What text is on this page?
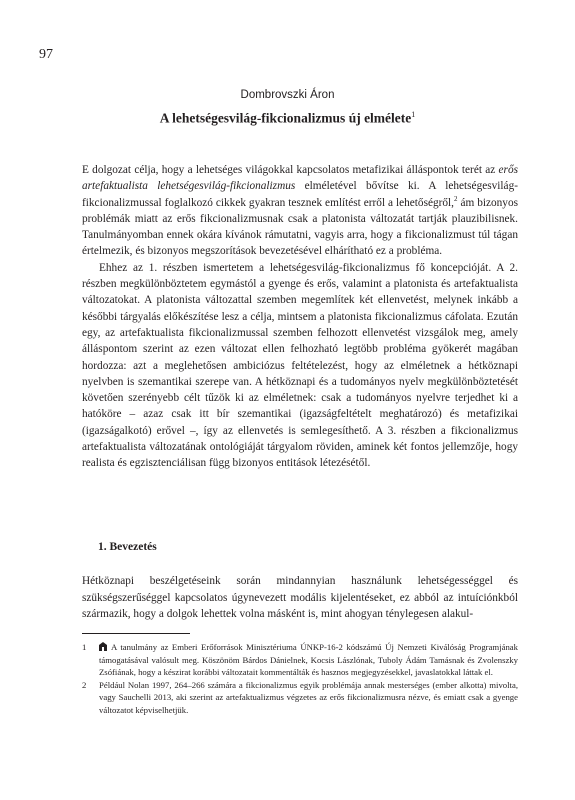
97
Dombrovszki Áron
A lehetségesvilág-fikcionalizmus új elmélete$^1$

E dolgozat célja, hogy a lehetséges világokkal kapcsolatos metafizikai álláspontok terét az erős artefaktualista lehetségesvilág-fikcionalizmus elméletével bővítse ki. A lehetségesvilág-fikcionalizmussal foglalkozó cikkek gyakran tesznek említést erről a lehetőségről,$^2$ ám bizonyos problémák miatt az erős fikcionalizmusnak csak a platonista változatát tartják plauzibilisnek. Tanulmányomban ennek okára kívánok rámutatni, vagyis arra, hogy a fikcionalizmust túl tágan értelmezik, és bizonyos megszorítások bevezetésével elhárítható ez a probléma.

Ehhez az 1. részben ismertetem a lehetségesvilág-fikcionalizmus fő koncepcióját. A 2. részben megkülönböztetem egymástól a gyenge és erős, valamint a platonista és artefaktualista változatokat. A platonista változattal szemben megemlítek két ellenvetést, melynek inkább a későbbi tárgyalás előkészítése lesz a célja, mintsem a platonista fikcionalizmus cáfolata. Ezután egy, az artefaktualista fikcionalizmussal szemben felhozott ellenvetést vizsgálok meg, amely álláspontom szerint az ezen változat ellen felhozható legtöbb probléma gyökerét magában hordozza: azt a meglehetősen ambiciózus feltételezést, hogy az elméletnek a hétköznapi nyelvben is szemantikai szerepe van. A hétköznapi és a tudományos nyelv megkülönböztetését követően szerényebb célt tűzök ki az elméletnek: csak a tudományos nyelvre terjedhet ki a hatóköre – azaz csak itt bír szemantikai (igazságfeltételt meghatározó) és metafizikai (igazságalkotó) erővel –, így az ellenvetés is semlegesíthető. A 3. részben a fikcionalizmus artefaktualista változatának ontológiáját tárgyalom röviden, aminek két fontos jellemzője, hogy realista és egzisztenciálisan függ bizonyos entitások létezésétől.

1. Bevezetés

Hétköznapi beszélgetéseink során mindannyian használunk lehetségességgel és szükségszerűséggel kapcsolatos úgynevezett modális kijelentéseket, ez abból az intuíciónkból származik, hogy a dolgok lehettek volna másként is, mint ahogyan ténylegesen alakul-

1	A tanulmány az Emberi Erőforrások Minisztériuma ÚNKP-16-2 kódszámú Új Nemzeti Kiválóság Programjának támogatásával valósult meg. Köszönöm Bárdos Dánielnek, Kocsis Lászlónak, Tuboly Ádám Tamásnak és Zvolenszky Zsófiának, hogy a készirat korábbi változatait kommentálták és hasznos megjegyzésekkel, javaslatokkal láttak el.
2	Például Nolan 1997, 264–266 számára a fikcionalizmus egyik problémája annak mesterséges (ember alkotta) mivolta, vagy Sauchelli 2013, aki szerint az artefaktualizmus végzetes az erős fikcionalizmusra nézve, és emiatt csak a gyenge változatot képviselhetjük.
